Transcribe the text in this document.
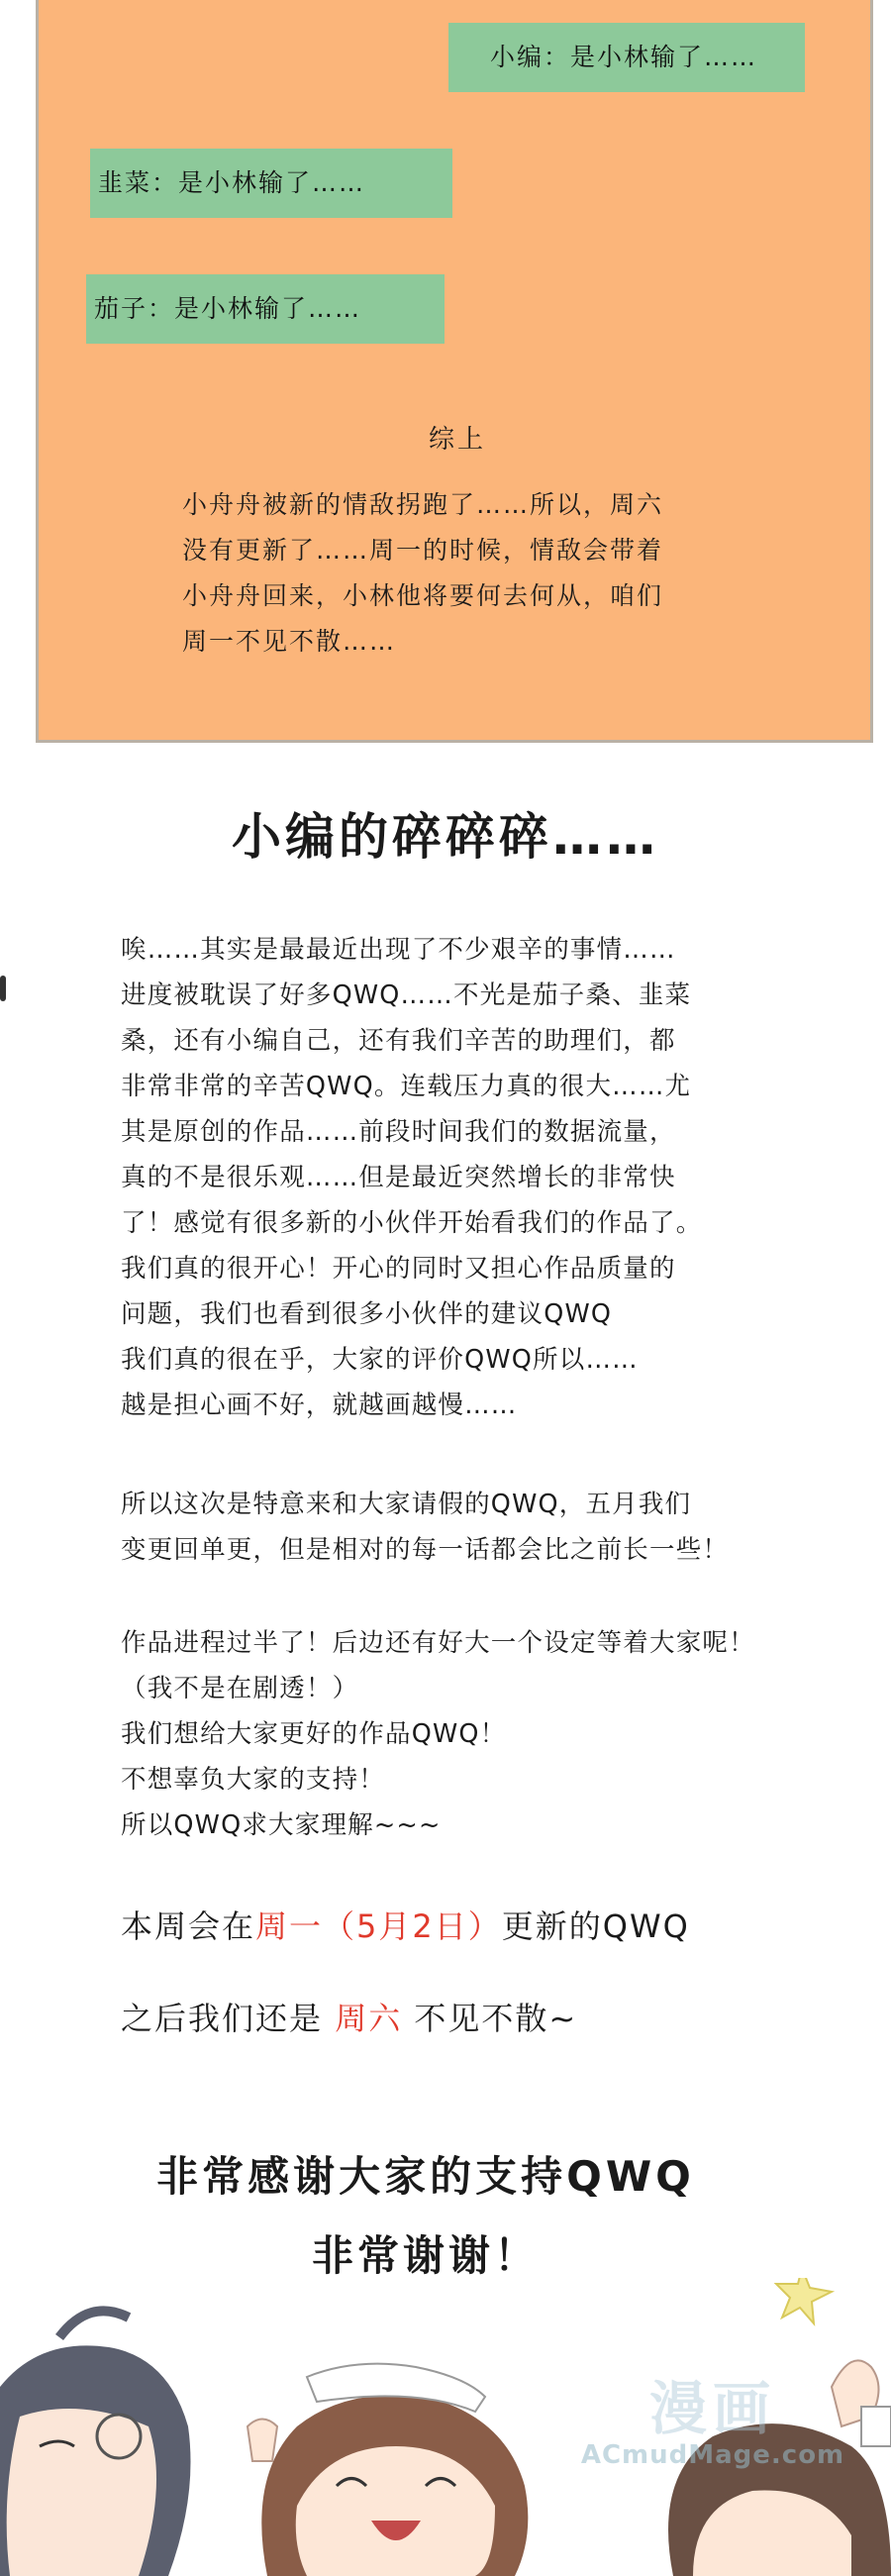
小编：是小林输了……
韭菜：是小林输了……
茄子：是小林输了……
综上
小舟舟被新的情敌拐跑了……所以，周六
没有更新了……周一的时候，情敌会带着
小舟舟回来，小林他将要何去何从，咱们
周一不见不散……
小编的碎碎碎……
唉……其实是最最近出现了不少艰辛的事情……
进度被耽误了好多QWQ……不光是茄子桑、韭菜
桑，还有小编自己，还有我们辛苦的助理们，都
非常非常的辛苦QWQ。连载压力真的很大……尤
其是原创的作品……前段时间我们的数据流量，
真的不是很乐观……但是最近突然增长的非常快
了！感觉有很多新的小伙伴开始看我们的作品了。
我们真的很开心！开心的同时又担心作品质量的
问题，我们也看到很多小伙伴的建议QWQ
我们真的很在乎，大家的评价QWQ所以……
越是担心画不好，就越画越慢……
所以这次是特意来和大家请假的QWQ，五月我们
变更回单更，但是相对的每一话都会比之前长一些！
作品进程过半了！后边还有好大一个设定等着大家呢！
（我不是在剧透！）
我们想给大家更好的作品QWQ！
不想辜负大家的支持！
所以QWQ求大家理解~~~
本周会在周一（5月2日）更新的QWQ
之后我们还是 周六 不见不散~
非常感谢大家的支持QWQ
非常谢谢！
漫画
ACmudMage.com
